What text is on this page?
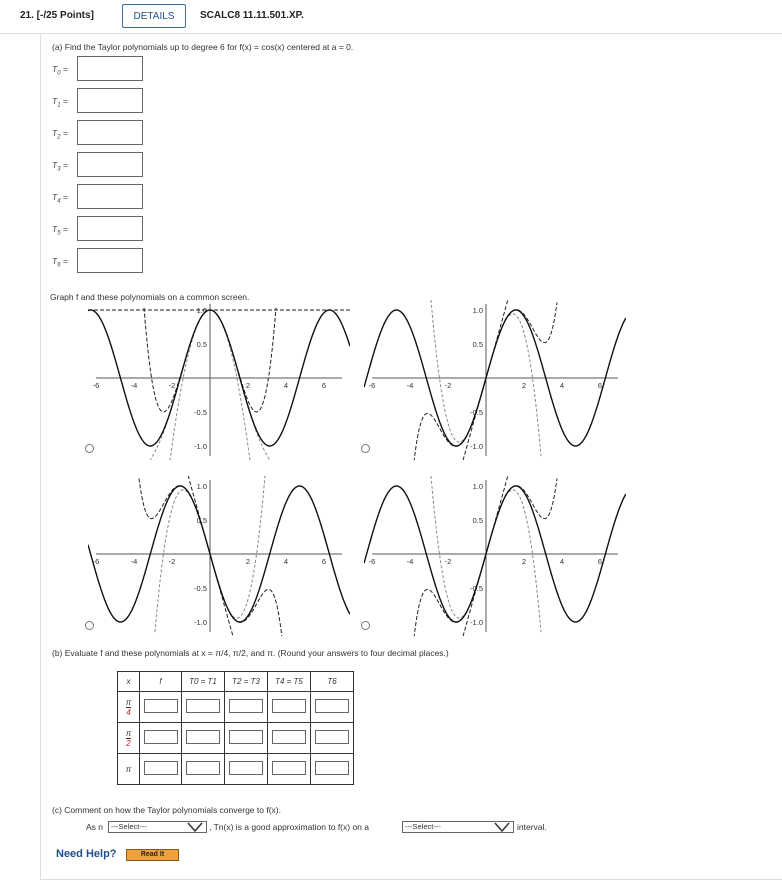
21. [-/25 Points]	DETAILS	SCALC8 11.11.501.XP.
(a) Find the Taylor polynomials up to degree 6 for f(x) = cos(x) centered at a = 0.
$T_0$ =
$T_1$ =
$T_2$ =
$T_3$ =
$T_4$ =
$T_5$ =
$T_6$ =
Graph f and these polynomials on a common screen.
-6	-4	-2	2	4	6
1.0
0.5
-0.5
-1.0
-6	-4	-2	2	4	6
1.0
0.5
-0.5
-1.0
-6	-4	-2	2	4	6
1.0
0.5
-0.5
-1.0
-6	-4	-2	2	4	6
1.0
0.5
-0.5
-1.0
(b) Evaluate f and these polynomials at x = π/4, π/2, and π. (Round your answers to four decimal places.)
x	f	T0 = T1	T2 = T3	T4 = T5	T6

$\frac{\pi}{4}$

$\frac{\pi}{2}$

π					
(c) Comment on how the Taylor polynomials converge to f(x).
As n	---Select---	, Tn(x) is a good approximation to f(x) on a	---Select---	interval.
Need Help?	Read It
